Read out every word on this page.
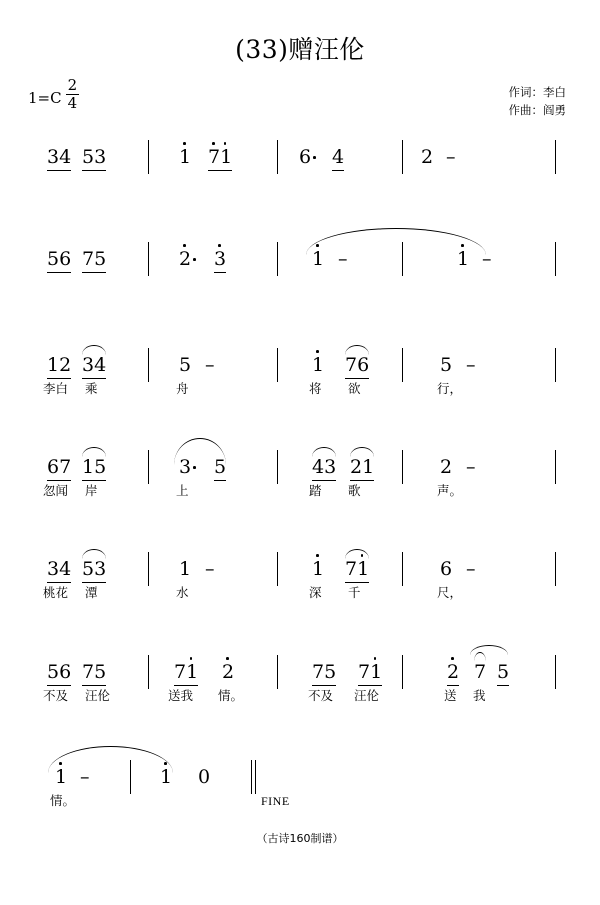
(33)赠汪伦
$1=C \frac{2}{4}$	作词：李白
作曲：阎勇
34 53	1 71	6 4	2 –
56 75	2 3	1 –	1 –
12 34	5 –	1 76	5 –
李白 乘	舟	将 欲	行，
67 15	3 5	43 21	2 –
忽闻 岸	上	踏 歌	声。
34 53	1 –	1 71	6 –
桃花 潭	水	深 千	尺，
56 75	71 2	75 71	2 7 5
不及 汪伦	送我 情。	不及 汪伦	送 我
1 –	1 0
情。	FINE
（古诗160制谱）
